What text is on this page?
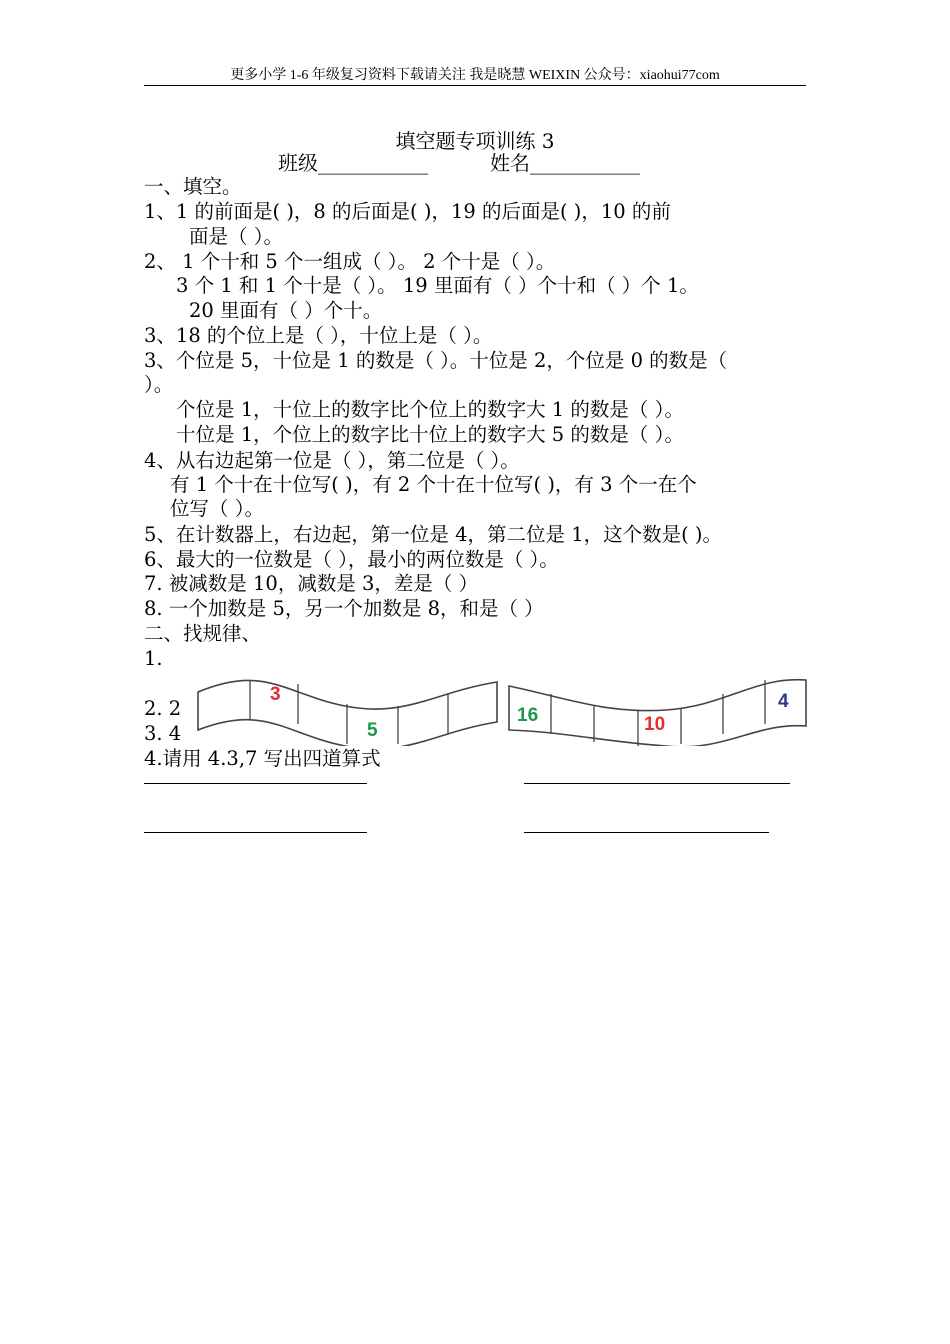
更多小学 1-6 年级复习资料下载请关注 我是晓慧 WEIXIN 公众号：xiaohui77com
填空题专项训练 3
班级___________	姓名___________
一、填空。
1、1 的前面是( )，8 的后面是( )，19 的后面是( )，10 的前
面是（ ）。
2、 1 个十和 5 个一组成（ ）。 2 个十是（ ）。
3 个 1 和 1 个十是（ ）。 19 里面有（ ）个十和（ ）个 1。
20 里面有（ ）个十。
3、18 的个位上是（ ），十位上是（ ）。
3、个位是 5，十位是 1 的数是（ ）。十位是 2，个位是 0 的数是（
）。
个位是 1，十位上的数字比个位上的数字大 1 的数是（ ）。
十位是 1，个位上的数字比十位上的数字大 5 的数是（ ）。
4、从右边起第一位是（ ），第二位是（ ）。
有 1 个十在十位写( )，有 2 个十在十位写( )，有 3 个一在个
位写（ ）。
5、在计数器上，右边起，第一位是 4，第二位是 1，这个数是( )。
6、最大的一位数是（ ），最小的两位数是（ ）。
7. 被减数是 10，减数是 3，差是（ ）
8. 一个加数是 5，另一个加数是 8，和是（ ）
二、找规律、
1.
2. 2
3. 4
4.请用 4.3,7 写出四道算式
3
5
16	10
4
